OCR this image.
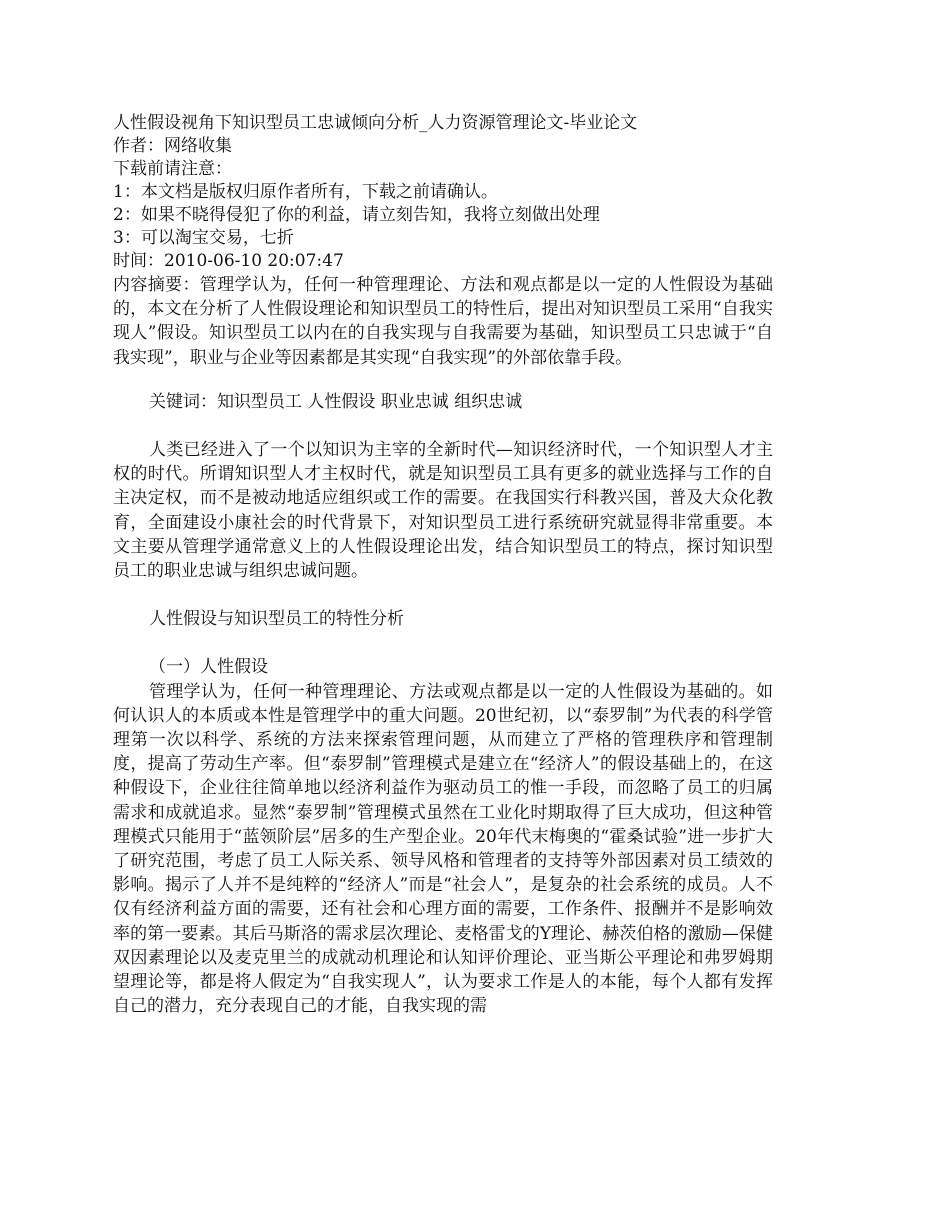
人性假设视角下知识型员工忠诚倾向分析_人力资源管理论文-毕业论文

作者：网络收集

下载前请注意：

1：本文档是版权归原作者所有，下载之前请确认。

2：如果不晓得侵犯了你的利益，请立刻告知，我将立刻做出处理

3：可以淘宝交易，七折

时间：2010-06-10 20:07:47

内容摘要：管理学认为，任何一种管理理论、方法和观点都是以一定的人性假设为基础的，本文在分析了人性假设理论和知识型员工的特性后，提出对知识型员工采用“自我实现人”假设。知识型员工以内在的自我实现与自我需要为基础，知识型员工只忠诚于“自我实现”，职业与企业等因素都是其实现“自我实现”的外部依靠手段。

关键词：知识型员工 人性假设 职业忠诚 组织忠诚

人类已经进入了一个以知识为主宰的全新时代—知识经济时代，一个知识型人才主权的时代。所谓知识型人才主权时代，就是知识型员工具有更多的就业选择与工作的自主决定权，而不是被动地适应组织或工作的需要。在我国实行科教兴国，普及大众化教育，全面建设小康社会的时代背景下，对知识型员工进行系统研究就显得非常重要。本文主要从管理学通常意义上的人性假设理论出发，结合知识型员工的特点，探讨知识型员工的职业忠诚与组织忠诚问题。

人性假设与知识型员工的特性分析

（一）人性假设

管理学认为，任何一种管理理论、方法或观点都是以一定的人性假设为基础的。如何认识人的本质或本性是管理学中的重大问题。20世纪初，以“泰罗制”为代表的科学管理第一次以科学、系统的方法来探索管理问题，从而建立了严格的管理秩序和管理制度，提高了劳动生产率。但“泰罗制”管理模式是建立在“经济人”的假设基础上的，在这种假设下，企业往往简单地以经济利益作为驱动员工的惟一手段，而忽略了员工的归属需求和成就追求。显然“泰罗制”管理模式虽然在工业化时期取得了巨大成功，但这种管理模式只能用于“蓝领阶层”居多的生产型企业。20年代末梅奥的“霍桑试验”进一步扩大了研究范围，考虑了员工人际关系、领导风格和管理者的支持等外部因素对员工绩效的影响。揭示了人并不是纯粹的“经济人”而是“社会人”，是复杂的社会系统的成员。人不仅有经济利益方面的需要，还有社会和心理方面的需要，工作条件、报酬并不是影响效率的第一要素。其后马斯洛的需求层次理论、麦格雷戈的Y理论、赫茨伯格的激励—保健双因素理论以及麦克里兰的成就动机理论和认知评价理论、亚当斯公平理论和弗罗姆期望理论等，都是将人假定为“自我实现人”，认为要求工作是人的本能，每个人都有发挥自己的潜力，充分表现自己的才能，自我实现的需
